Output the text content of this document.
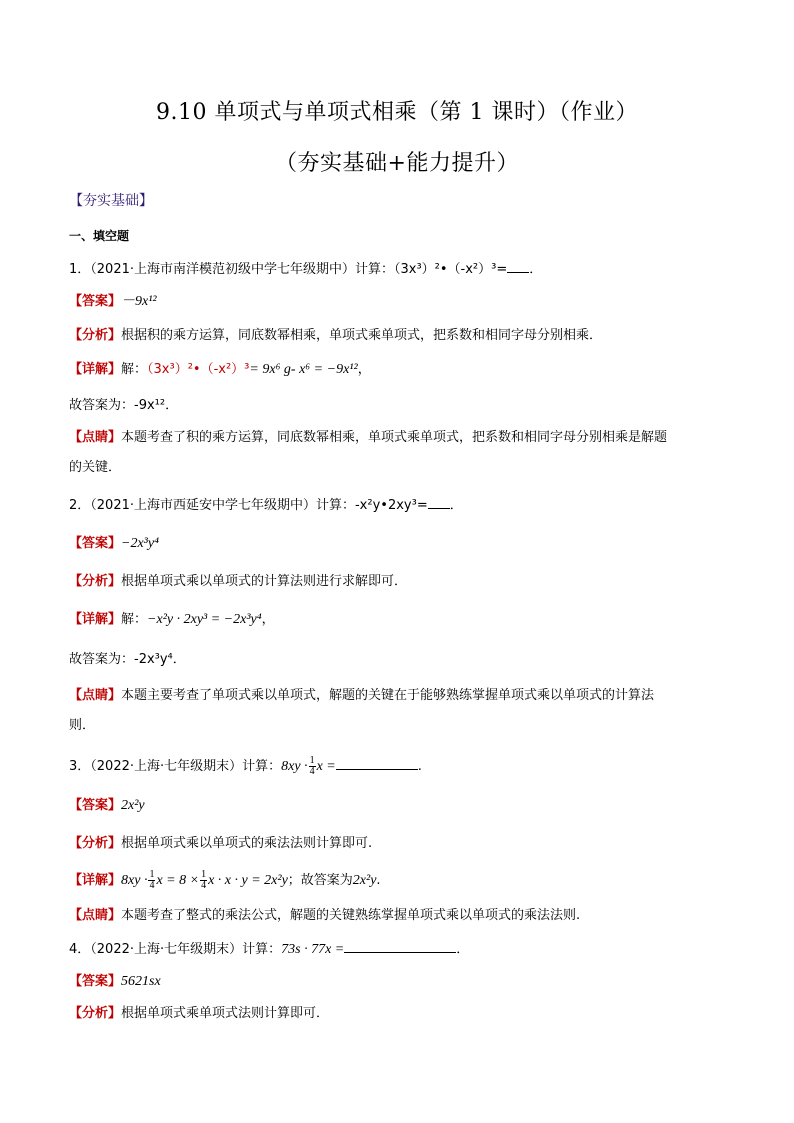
9.10 单项式与单项式相乘（第 1 课时）（作业）
（夯实基础+能力提升）
【夯实基础】
一、填空题
1．（2021·上海市南洋模范初级中学七年级期中）计算：（3x³）²•（-x²）³= ．
【答案】－9x¹²
【分析】根据积的乘方运算，同底数幂相乘，单项式乘单项式，把系数和相同字母分别相乘．
【详解】解：（3x³）²•（-x²）³= 9x⁶ g- x⁶ = −9x¹²，
故答案为：-9x¹²．
【点睛】本题考查了积的乘方运算，同底数幂相乘，单项式乘单项式，把系数和相同字母分别相乘是解题
的关键．
2．（2021·上海市西延安中学七年级期中）计算：-x²y•2xy³= ．
【答案】−2x³y⁴
【分析】根据单项式乘以单项式的计算法则进行求解即可．
【详解】解：−x²y · 2xy³ = −2x³y⁴，
故答案为：-2x³y⁴．
【点睛】本题主要考查了单项式乘以单项式，解题的关键在于能够熟练掌握单项式乘以单项式的计算法
则．
3．（2022·上海·七年级期末）计算：$8xy \cdot \frac{1}{4}$ x =	.
【答案】2x²y
【分析】根据单项式乘以单项式的乘法法则计算即可.
【详解】$8xy \cdot \frac{1}{4}$ $x = 8 \times \frac{1}{4}$ x · x · y = 2x²y；故答案为2x²y.
【点睛】本题考查了整式的乘法公式，解题的关键熟练掌握单项式乘以单项式的乘法法则.
4．（2022·上海·七年级期末）计算：73s · 77x =	．
【答案】5621sx
【分析】根据单项式乘单项式法则计算即可．
